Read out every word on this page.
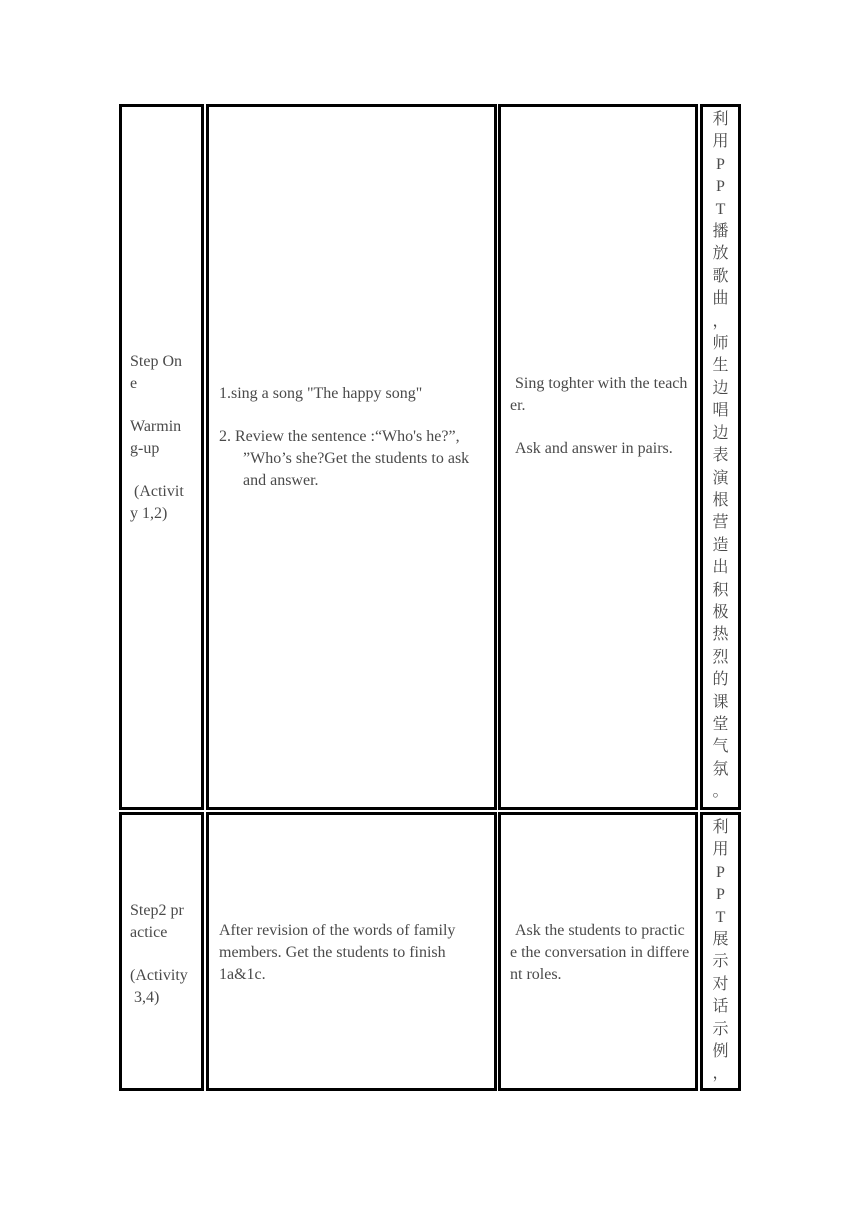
Step On
e
Warmin
g-up
(Activit
y 1,2)

1.sing a song "The happy song"

2. Review the sentence :“Who's he?”, ”Who’s she?Get the students to ask and answer.

Sing toghter with the teacher.

Ask and answer in pairs.

利
用
P
P
T
播
放
歌
曲
，
师
生
边
唱
边
表
演
根
营
造
出
积
极
热
烈
的
课
堂
气
氛
。
Step2 pr
actice
(Activity
3,4)

After revision of the words of family members. Get the students to finish 1a&1c.

Ask the students to practice the conversation in different roles.

利
用
P
P
T
展
示
对
话
示
例
，
